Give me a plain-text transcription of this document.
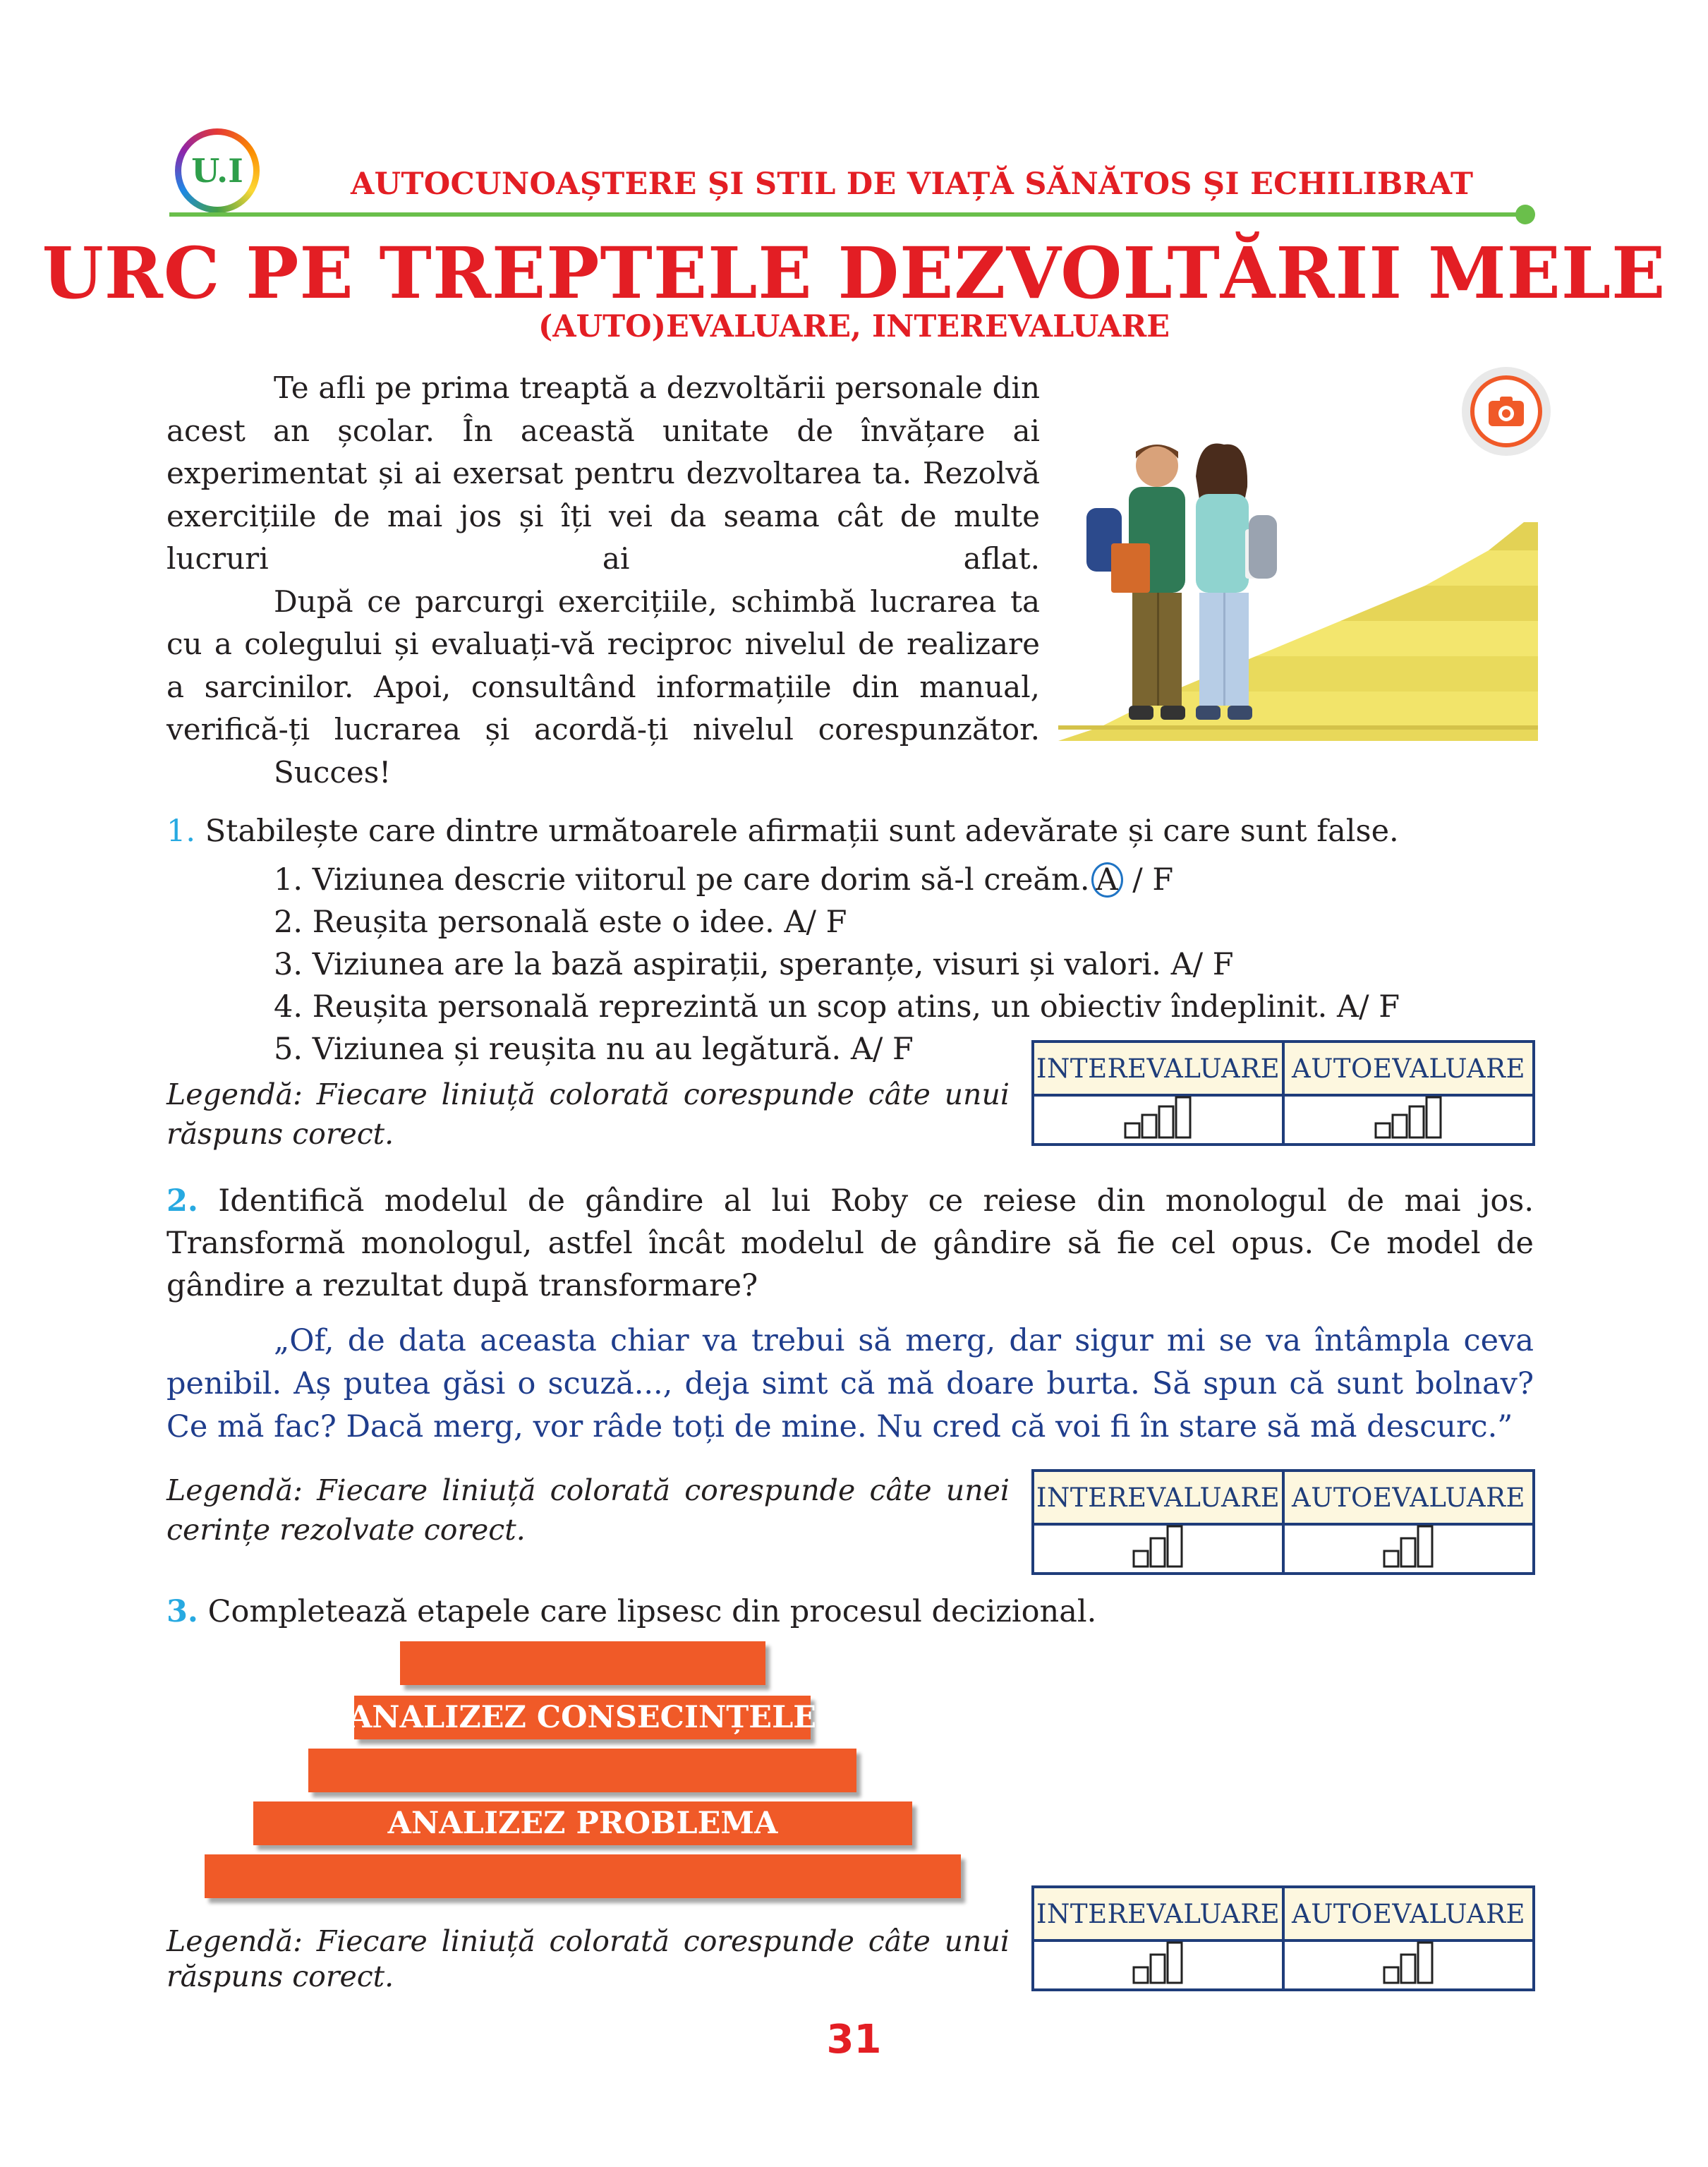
U.I	AUTOCUNOAȘTERE ȘI STIL DE VIAȚĂ SĂNĂTOS ȘI ECHILIBRAT
URC PE TREPTELE DEZVOLTĂRII MELE
(AUTO)EVALUARE, INTEREVALUARE

Te afli pe prima treaptă a dezvoltării personale din acest an școlar. În această unitate de învățare ai experimentat și ai exersat pentru dezvoltarea ta. Rezolvă exercițiile de mai jos și îți vei da seama cât de multe lucruri ai aflat.

După ce parcurgi exercițiile, schimbă lucrarea ta cu a colegului și evaluați-vă reciproc nivelul de realizare a sarcinilor. Apoi, consultând informațiile din manual, verifică-ți lucrarea și acordă-ți nivelul corespunzător.

Succes!

1. Stabilește care dintre următoarele afirmații sunt adevărate și care sunt false.
1. Viziunea descrie viitorul pe care dorim să-l creăm. A / F
2. Reușita personală este o idee. A/ F
3. Viziunea are la bază aspirații, speranțe, visuri și valori. A/ F
4. Reușita personală reprezintă un scop atins, un obiectiv îndeplinit. A/ F
5. Viziunea și reușita nu au legătură. A/ F
Legendă: Fiecare liniuță colorată corespunde câte unui răspuns corect.
INTEREVALUARE AUTOEVALUARE
2. Identifică modelul de gândire al lui Roby ce reiese din monologul de mai jos. Transformă monologul, astfel încât modelul de gândire să fie cel opus. Ce model de gândire a rezultat după transformare?

„Of, de data aceasta chiar va trebui să merg, dar sigur mi se va întâmpla ceva penibil. Aș putea găsi o scuză..., deja simt că mă doare burta. Să spun că sunt bolnav? Ce mă fac? Dacă merg, vor râde toți de mine. Nu cred că voi fi în stare să mă descurc.”

Legendă: Fiecare liniuță colorată corespunde câte unei cerințe rezolvate corect.
INTEREVALUARE AUTOEVALUARE
3. Completează etapele care lipsesc din procesul decizional.
ANALIZEZ CONSECINȚELE
ANALIZEZ PROBLEMA
Legendă: Fiecare liniuță colorată corespunde câte unui răspuns corect.
INTEREVALUARE AUTOEVALUARE
31
